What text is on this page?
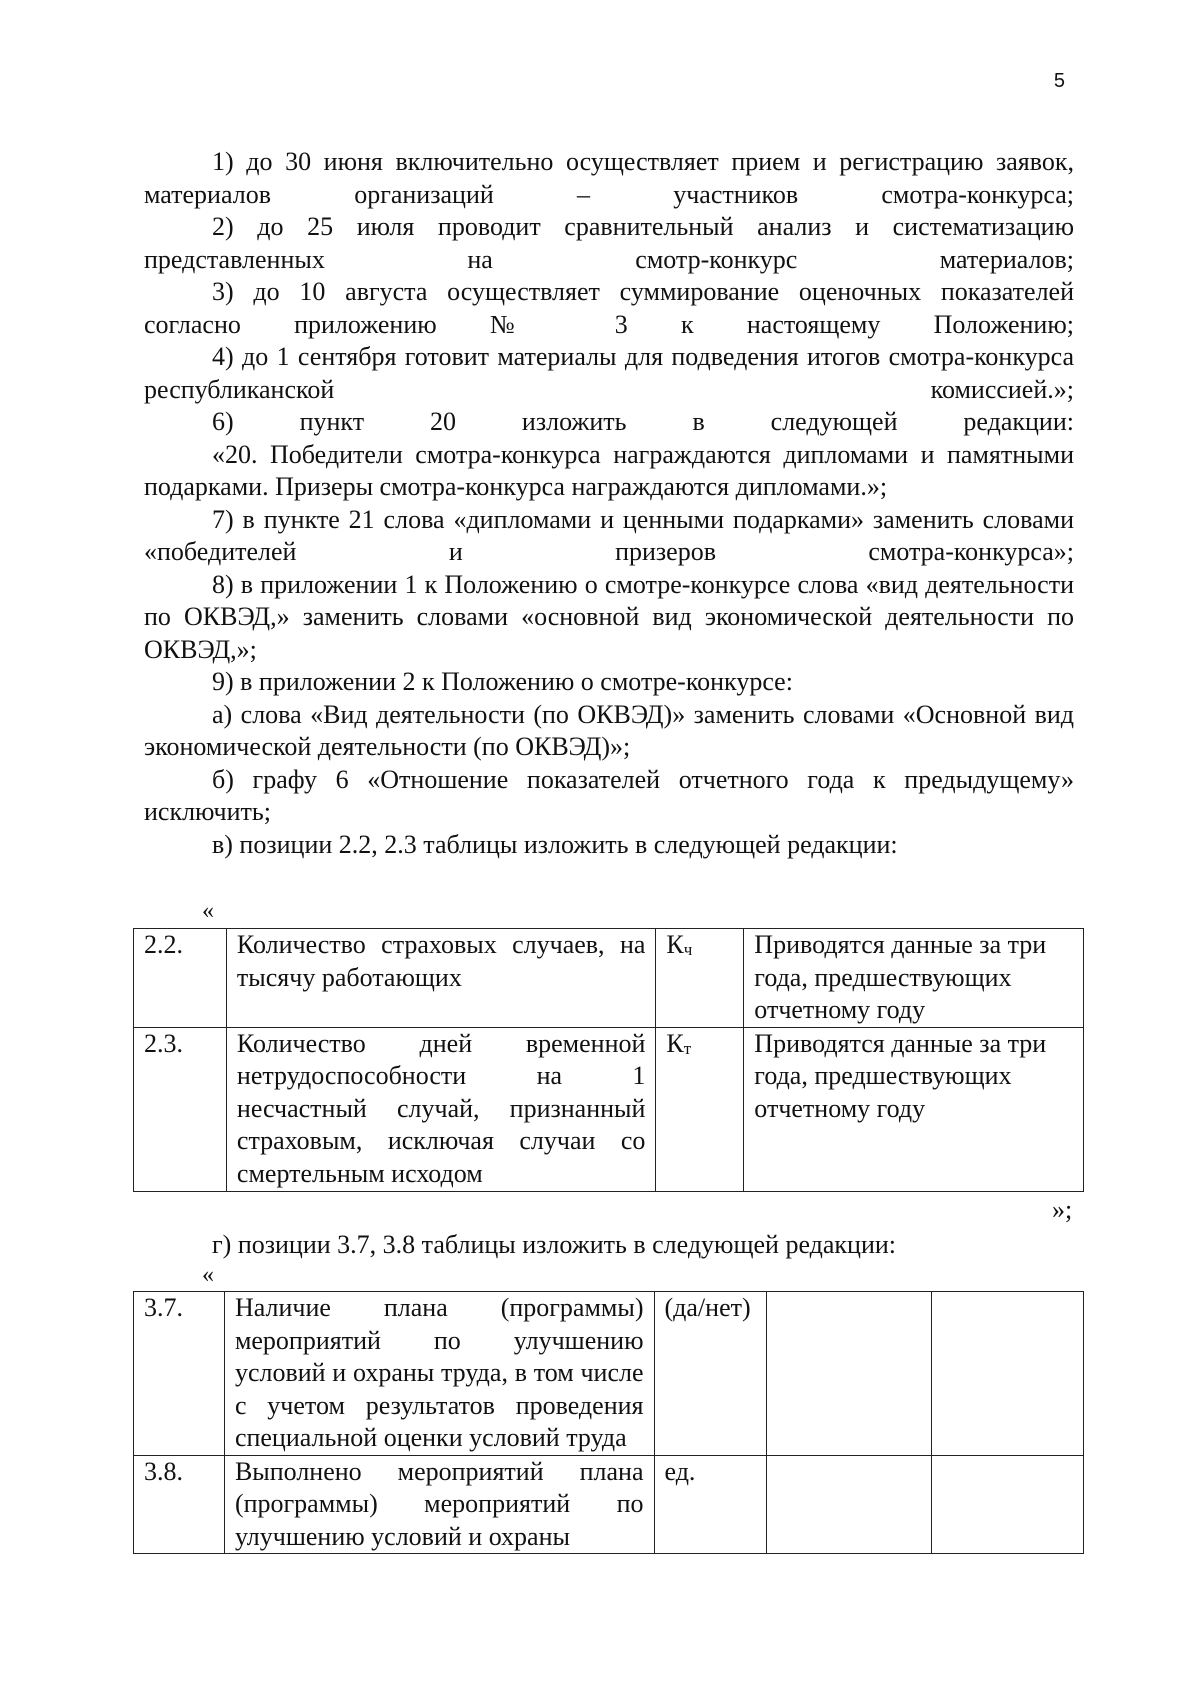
5

1) до 30 июня включительно осуществляет прием и регистрацию заявок, материалов организаций – участников смотра-конкурса;

2) до 25 июля проводит сравнительный анализ и систематизацию представленных на смотр-конкурс материалов;

3) до 10 августа осуществляет суммирование оценочных показателей согласно приложению № 3 к настоящему Положению;

4) до 1 сентября готовит материалы для подведения итогов смотра-конкурса республиканской комиссией.»;

6) пункт 20 изложить в следующей редакции:

«20. Победители смотра-конкурса награждаются дипломами и памятными подарками. Призеры смотра-конкурса награждаются дипломами.»;

7) в пункте 21 слова «дипломами и ценными подарками» заменить словами «победителей и призеров смотра-конкурса»;

8) в приложении 1 к Положению о смотре-конкурсе слова «вид деятельности по ОКВЭД,» заменить словами «основной вид экономической деятельности по ОКВЭД,»;

9) в приложении 2 к Положению о смотре-конкурсе:

а) слова «Вид деятельности (по ОКВЭД)» заменить словами «Основной вид экономической деятельности (по ОКВЭД)»;

б) графу 6 «Отношение показателей отчетного года к предыдущему» исключить;

в) позиции 2.2, 2.3 таблицы изложить в следующей редакции:

«
2.2.	Количество страховых случаев, на тысячу работающих	Кч	Приводятся данные за три года, предшествующих отчетному году
2.3.	Количество дней временной нетрудоспособности на 1 несчастный случай, признанный страховым, исключая случаи со смертельным исходом	Кт	Приводятся данные за три года, предшествующих отчетному году
»;
г) позиции 3.7, 3.8 таблицы изложить в следующей редакции:
«
3.7.	Наличие плана (программы) мероприятий по улучшению условий и охраны труда, в том числе с учетом результатов проведения специальной оценки условий труда	(да/нет)		
3.8.	Выполнено мероприятий плана (программы) мероприятий по улучшению условий и охраны	ед.		
